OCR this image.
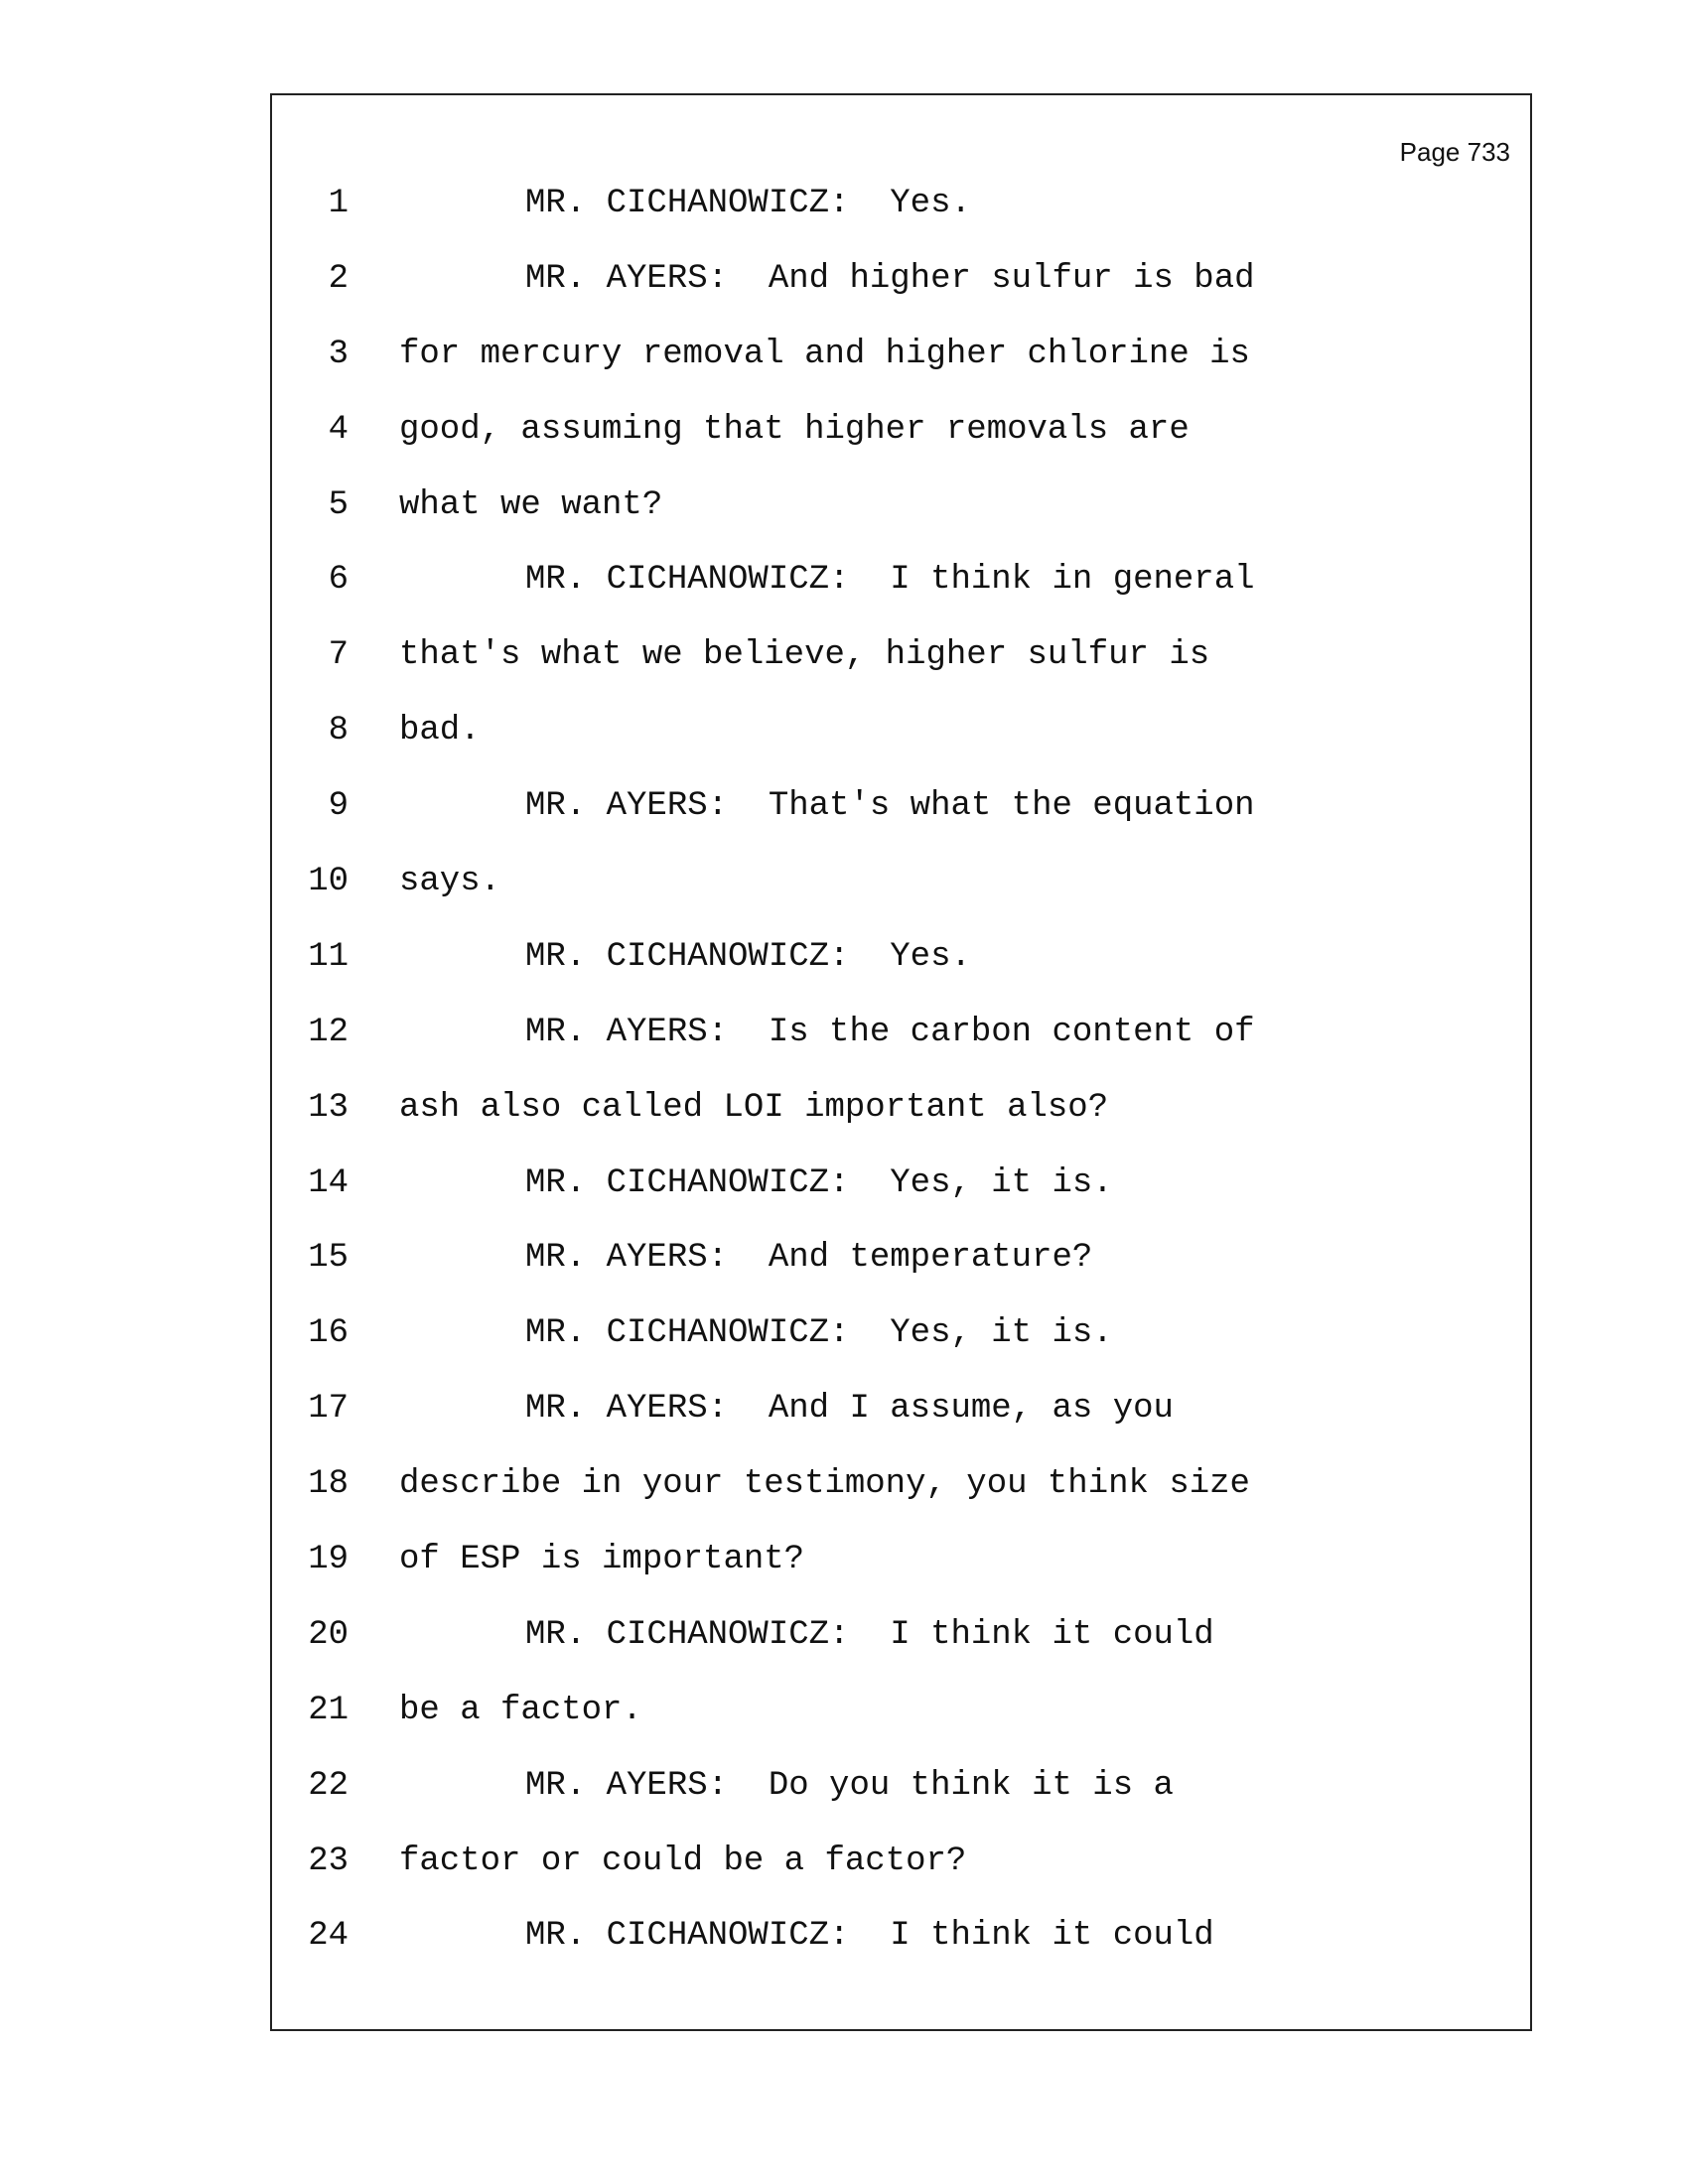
Page 733
1	MR. CICHANOWICZ:  Yes.
2	MR. AYERS:  And higher sulfur is bad
3 for mercury removal and higher chlorine is
4 good, assuming that higher removals are
5 what we want?
6	MR. CICHANOWICZ:  I think in general
7 that's what we believe, higher sulfur is
8 bad.
9	MR. AYERS:  That's what the equation
10 says.
11	MR. CICHANOWICZ:  Yes.
12	MR. AYERS:  Is the carbon content of
13 ash also called LOI important also?
14	MR. CICHANOWICZ:  Yes, it is.
15	MR. AYERS:  And temperature?
16	MR. CICHANOWICZ:  Yes, it is.
17	MR. AYERS:  And I assume, as you
18 describe in your testimony, you think size
19 of ESP is important?
20	MR. CICHANOWICZ:  I think it could
21 be a factor.
22	MR. AYERS:  Do you think it is a
23 factor or could be a factor?
24	MR. CICHANOWICZ:  I think it could
